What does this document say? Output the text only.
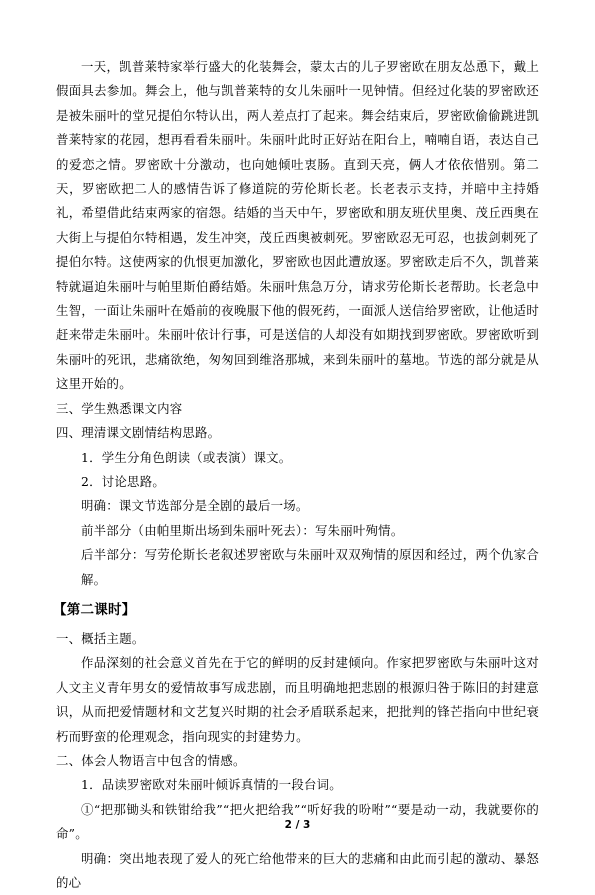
一天，凯普莱特家举行盛大的化装舞会，蒙太古的儿子罗密欧在朋友怂恿下，戴上假面具去参加。舞会上，他与凯普莱特的女儿朱丽叶一见钟情。但经过化装的罗密欧还是被朱丽叶的堂兄提伯尔特认出，两人差点打了起来。舞会结束后，罗密欧偷偷跳进凯普莱特家的花园，想再看看朱丽叶。朱丽叶此时正好站在阳台上，喃喃自语，表达自己的爱恋之情。罗密欧十分激动，也向她倾吐衷肠。直到天亮，俩人才依依惜别。第二天，罗密欧把二人的感情告诉了修道院的劳伦斯长老。长老表示支持，并暗中主持婚礼，希望借此结束两家的宿怨。结婚的当天中午，罗密欧和朋友班伏里奥、茂丘西奥在大街上与提伯尔特相遇，发生冲突，茂丘西奥被刺死。罗密欧忍无可忍，也拔剑刺死了提伯尔特。这使两家的仇恨更加激化，罗密欧也因此遭放逐。罗密欧走后不久，凯普莱特就逼迫朱丽叶与帕里斯伯爵结婚。朱丽叶焦急万分，请求劳伦斯长老帮助。长老急中生智，一面让朱丽叶在婚前的夜晚服下他的假死药，一面派人送信给罗密欧，让他适时赶来带走朱丽叶。朱丽叶依计行事，可是送信的人却没有如期找到罗密欧。罗密欧听到朱丽叶的死讯，悲痛欲绝，匆匆回到维洛那城，来到朱丽叶的墓地。节选的部分就是从这里开始的。

三、学生熟悉课文内容

四、理清课文剧情结构思路。

1．学生分角色朗读（或表演）课文。

2．讨论思路。

明确：课文节选部分是全剧的最后一场。

前半部分（由帕里斯出场到朱丽叶死去）：写朱丽叶殉情。

后半部分：写劳伦斯长老叙述罗密欧与朱丽叶双双殉情的原因和经过，两个仇家合解。

【第二课时】

一、概括主题。

作品深刻的社会意义首先在于它的鲜明的反封建倾向。作家把罗密欧与朱丽叶这对人文主义青年男女的爱情故事写成悲剧，而且明确地把悲剧的根源归咎于陈旧的封建意识，从而把爱情题材和文艺复兴时期的社会矛盾联系起来，把批判的锋芒指向中世纪衰朽而野蛮的伦理观念，指向现实的封建势力。

二、体会人物语言中包含的情感。

1．品读罗密欧对朱丽叶倾诉真情的一段台词。

①“把那锄头和铁钳给我”“把火把给我”“听好我的吩咐”“要是动一动，我就要你的命”。

明确：突出地表现了爱人的死亡给他带来的巨大的悲痛和由此而引起的激动、暴怒的心

2 / 3
